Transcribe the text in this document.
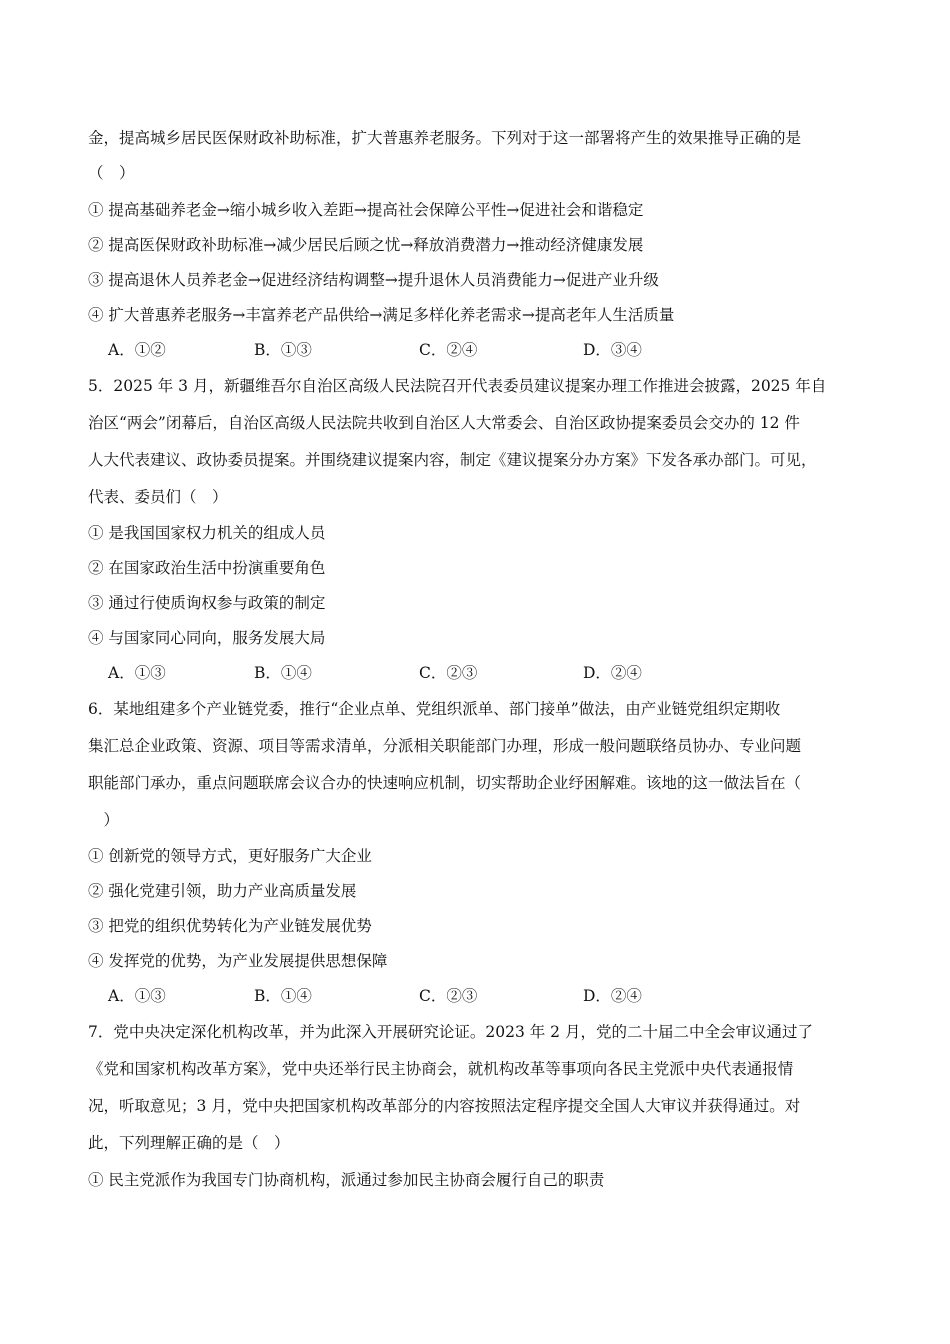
金，提高城乡居民医保财政补助标准，扩大普惠养老服务。下列对于这一部署将产生的效果推导正确的是
（　）
① 提高基础养老金→缩小城乡收入差距→提高社会保障公平性→促进社会和谐稳定
② 提高医保财政补助标准→减少居民后顾之忧→释放消费潜力→推动经济健康发展
③ 提高退休人员养老金→促进经济结构调整→提升退休人员消费能力→促进产业升级
④ 扩大普惠养老服务→丰富养老产品供给→满足多样化养老需求→提高老年人生活质量
A．①②	B．①③	C．②④	D．③④
5．2025 年 3 月，新疆维吾尔自治区高级人民法院召开代表委员建议提案办理工作推进会披露，2025 年自
治区“两会”闭幕后，自治区高级人民法院共收到自治区人大常委会、自治区政协提案委员会交办的 12 件
人大代表建议、政协委员提案。并围绕建议提案内容，制定《建议提案分办方案》下发各承办部门。可见，
代表、委员们（　）
① 是我国国家权力机关的组成人员
② 在国家政治生活中扮演重要角色
③ 通过行使质询权参与政策的制定
④ 与国家同心同向，服务发展大局
A．①③	B．①④	C．②③	D．②④
6．某地组建多个产业链党委，推行“企业点单、党组织派单、部门接单”做法，由产业链党组织定期收
集汇总企业政策、资源、项目等需求清单，分派相关职能部门办理，形成一般问题联络员协办、专业问题
职能部门承办，重点问题联席会议合办的快速响应机制，切实帮助企业纾困解难。该地的这一做法旨在（
　）
① 创新党的领导方式，更好服务广大企业
② 强化党建引领，助力产业高质量发展
③ 把党的组织优势转化为产业链发展优势
④ 发挥党的优势，为产业发展提供思想保障
A．①③	B．①④	C．②③	D．②④
7．党中央决定深化机构改革，并为此深入开展研究论证。2023 年 2 月，党的二十届二中全会审议通过了
《党和国家机构改革方案》，党中央还举行民主协商会，就机构改革等事项向各民主党派中央代表通报情
况，听取意见；3 月，党中央把国家机构改革部分的内容按照法定程序提交全国人大审议并获得通过。对
此，下列理解正确的是（　）
① 民主党派作为我国专门协商机构，派通过参加民主协商会履行自己的职责
